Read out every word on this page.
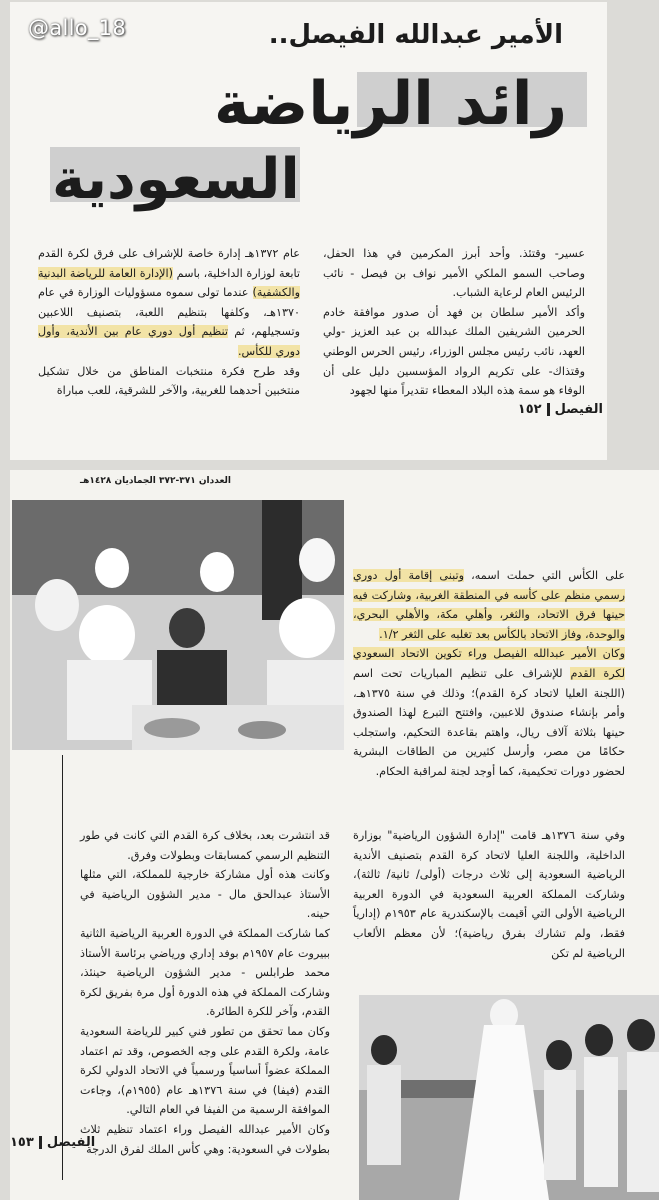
الأمير عبدالله الفيصل..
رائد الرياضة
السعودية
عسير- وقتئذ. وأحد أبرز المكرمين في هذا الحفل، وصاحب السمو الملكي الأمير نواف بن فيصل - نائب الرئيس العام لرعاية الشباب.
وأكد الأمير سلطان بن فهد أن صدور موافقة خادم الحرمين الشريفين الملك عبدالله بن عبد العزيز -ولي العهد، نائب رئيس مجلس الوزراء، رئيس الحرس الوطني وقتذاك- على تكريم الرواد المؤسسين دليل على أن الوفاء هو سمة هذه البلاد المعطاء تقديراً منها لجهود
عام ١٣٧٢هـ إدارة خاصة للإشراف على فرق لكرة القدم تابعة لوزارة الداخلية، باسم (الإدارة العامة للرياضة البدنية والكشفية) عندما تولى سموه مسؤوليات الوزارة في عام ١٣٧٠هـ، وكلفها بتنظيم اللعبة، بتصنيف اللاعبين وتسجيلهم، ثم تنظيم أول دوري عام بين الأندية، وأول دوري للكأس.
وقد طرح فكرة منتخبات المناطق من خلال تشكيل منتخبين أحدهما للغربية، والآخر للشرقية، للعب مباراة
الفيصل١٥٢
@allo_18
العددان ٣٧١-٣٧٢ الجماديان ١٤٢٨هـ
على الكأس التي حملت اسمه، وتبنى إقامة أول دوري رسمي منظم على كأسه في المنطقة الغربية، وشاركت فيه حينها فرق الاتحاد، والثغر، وأهلي مكة، والأهلي البحري، والوحدة، وفاز الاتحاد بالكأس بعد تغلبه على الثغر ١/٢.
وكان الأمير عبدالله الفيصل وراء تكوين الاتحاد السعودي لكرة القدم للإشراف على تنظيم المباريات تحت اسم (اللجنة العليا لاتحاد كرة القدم)؛ وذلك في سنة ١٣٧٥هـ، وأمر بإنشاء صندوق للاعبين، وافتتح التبرع لهذا الصندوق حينها بثلاثة آلاف ريال، واهتم بقاعدة التحكيم، واستجلب حكامًا من مصر، وأرسل كثيرين من الطاقات البشرية لحضور دورات تحكيمية، كما أوجد لجنة لمراقبة الحكام.
وفي سنة ١٣٧٦هـ قامت "إدارة الشؤون الرياضية" بوزارة الداخلية، واللجنة العليا لاتحاد كرة القدم بتصنيف الأندية الرياضية السعودية إلى ثلاث درجات (أولى/ ثانية/ ثالثة)، وشاركت المملكة العربية السعودية في الدورة العربية الرياضية الأولى التي أقيمت بالإسكندرية عام ١٩٥٣م (إدارياً فقط، ولم تشارك بفرق رياضية)؛ لأن معظم الألعاب الرياضية لم تكن
قد انتشرت بعد، بخلاف كرة القدم التي كانت في طور التنظيم الرسمي كمسابقات وبطولات وفرق.
وكانت هذه أول مشاركة خارجية للمملكة، التي مثلها الأستاذ عبدالحق مال - مدير الشؤون الرياضية في حينه.
كما شاركت المملكة في الدورة العربية الرياضية الثانية ببيروت عام ١٩٥٧م بوفد إداري ورياضي برئاسة الأستاذ محمد طرابلس - مدير الشؤون الرياضية حينئذ، وشاركت المملكة في هذه الدورة أول مرة بفريق لكرة القدم، وآخر للكرة الطائرة.
وكان مما تحقق من تطور فني كبير للرياضة السعودية عامة، ولكرة القدم على وجه الخصوص، وقد تم اعتماد المملكة عضواً أساسياً ورسمياً في الاتحاد الدولي لكرة القدم (فيفا) في سنة ١٣٧٦هـ عام (١٩٥٥م)، وجاءت الموافقة الرسمية من الفيفا في العام التالي.
وكان الأمير عبدالله الفيصل وراء اعتماد تنظيم ثلاث بطولات في السعودية: وهي كأس الملك لفرق الدرجة
الفيصل١٥٣
